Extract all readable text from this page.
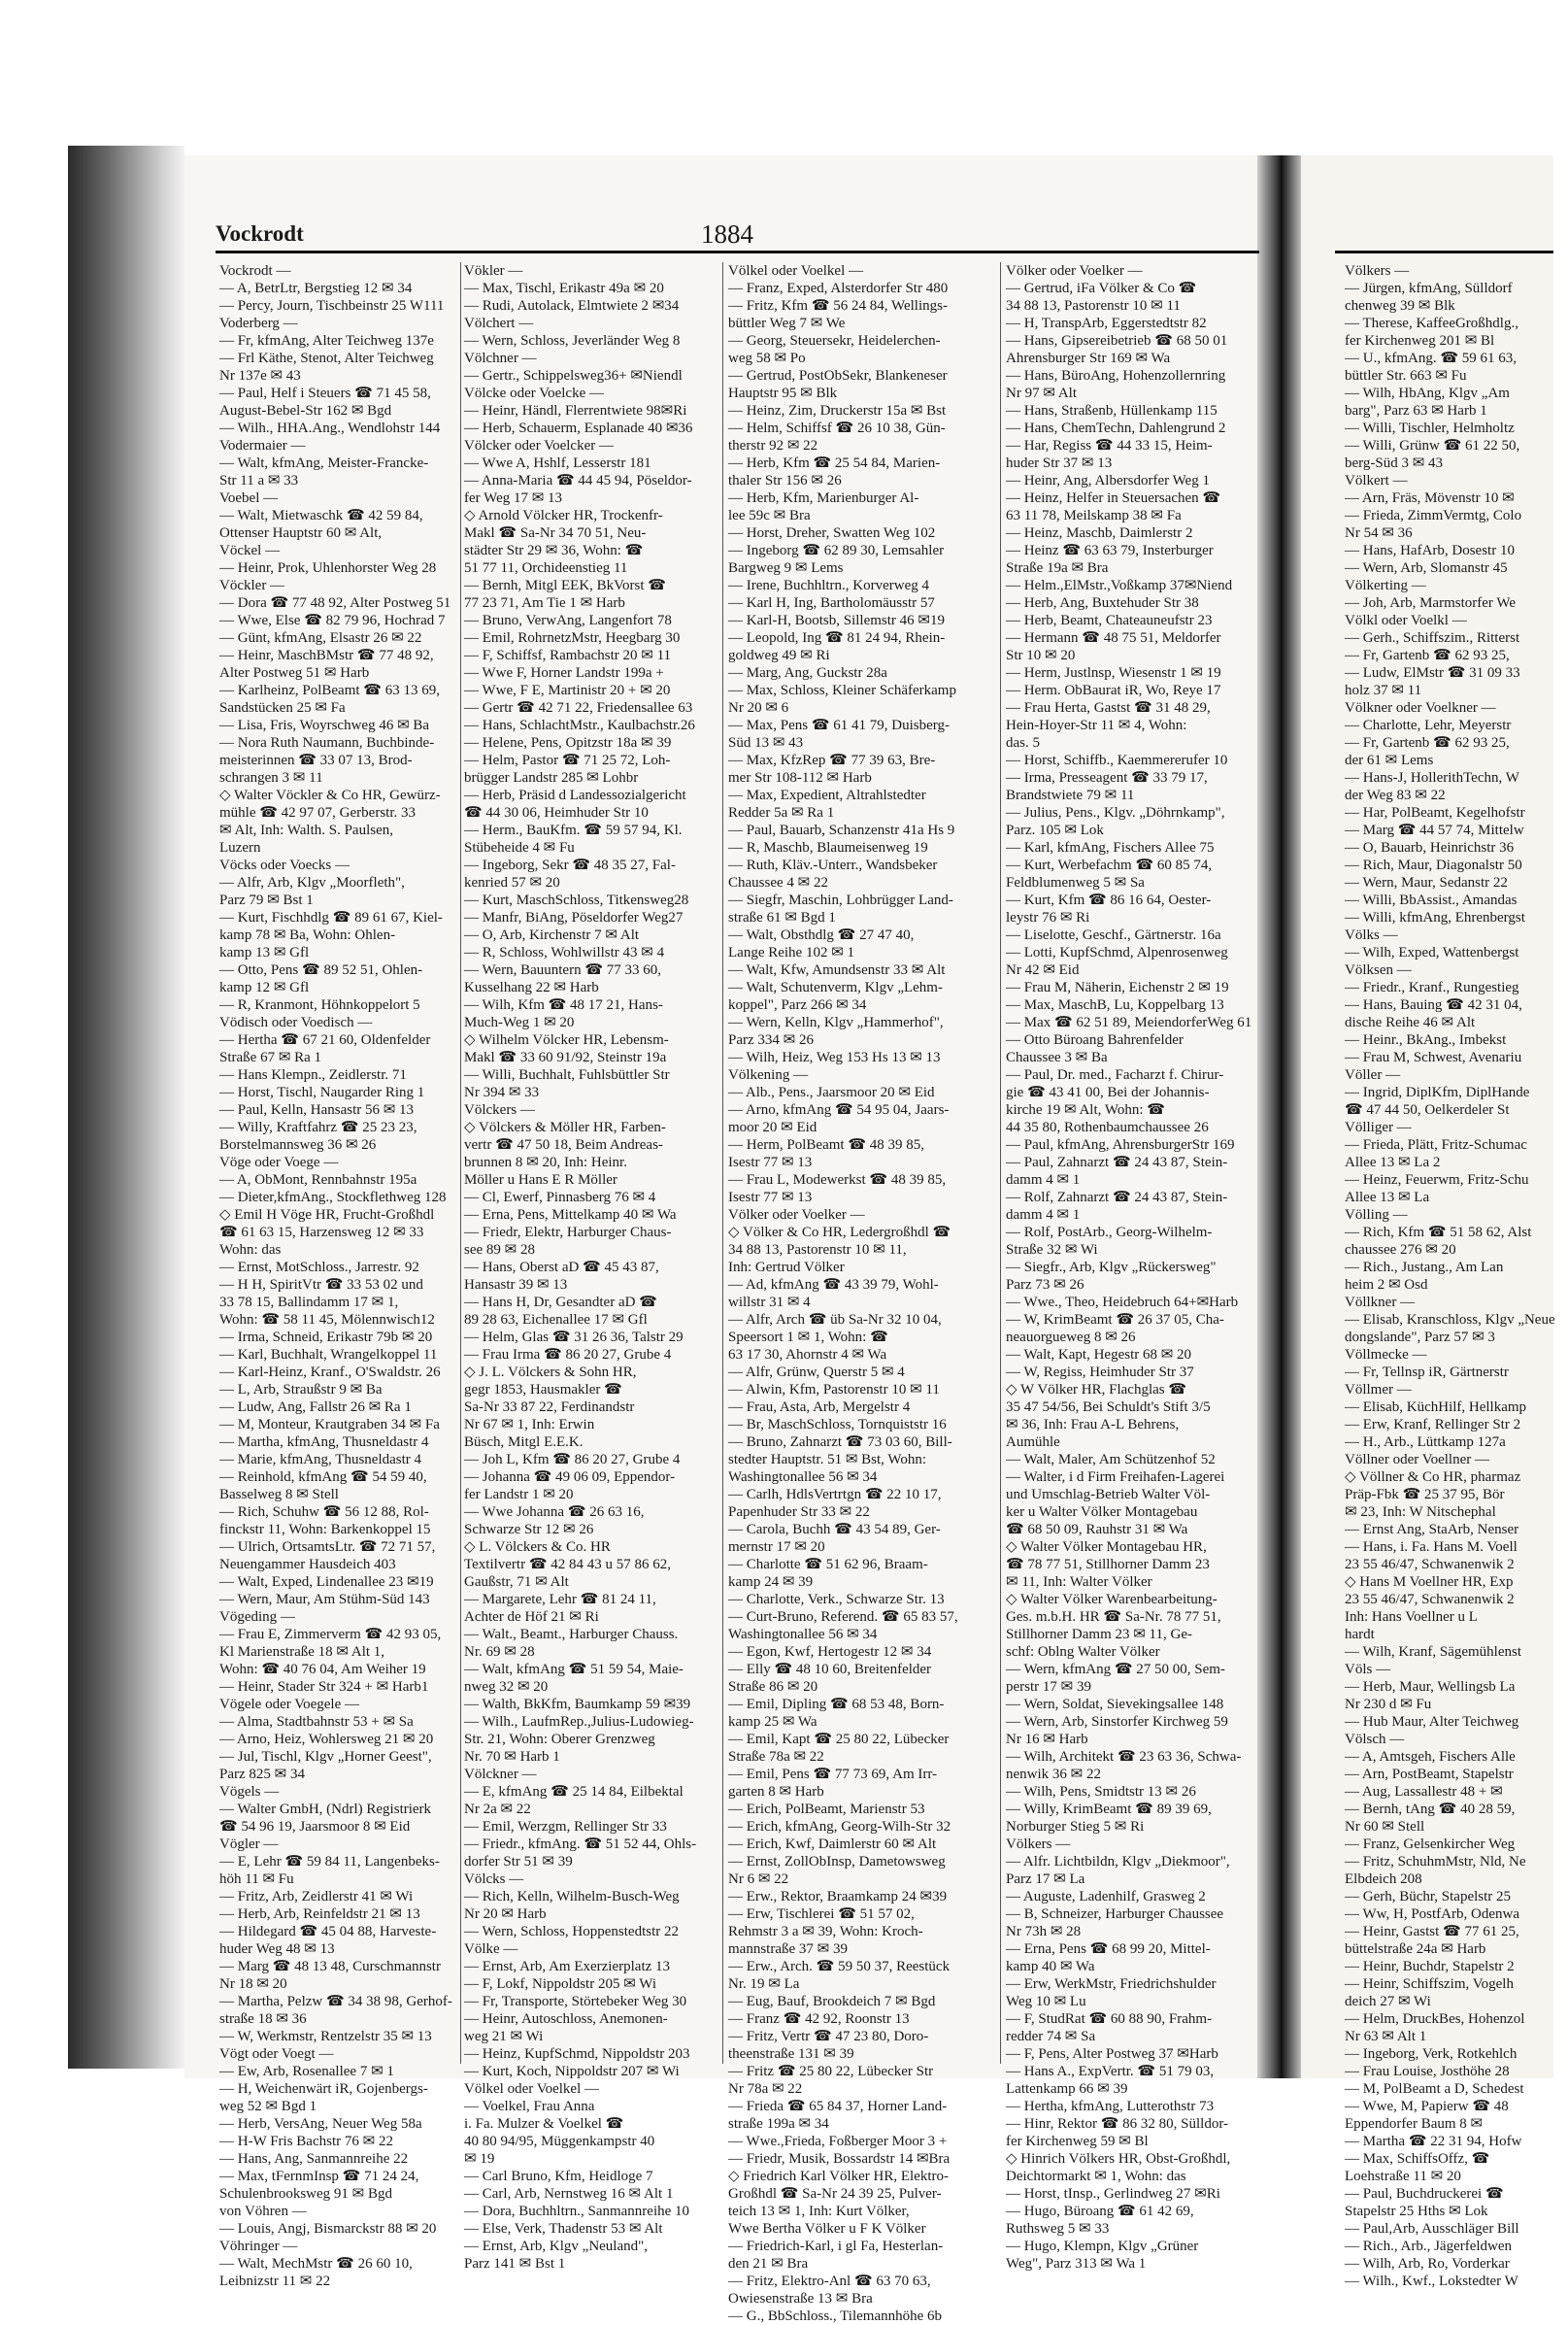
Vockrodt	1884
Vockrodt —
— A, BetrLtr, Bergstieg 12 ✉ 34
— Percy, Journ, Tischbeinstr 25 W111
Voderberg —
— Fr, kfmAng, Alter Teichweg 137e
— Frl Käthe, Stenot, Alter Teichweg
Nr 137e ✉ 43
— Paul, Helf i Steuers ☎ 71 45 58,
August-Bebel-Str 162 ✉ Bgd
— Wilh., HHA.Ang., Wendlohstr 144
Vodermaier —
— Walt, kfmAng, Meister-Francke-
Str 11 a ✉ 33
Voebel —
— Walt, Mietwaschk ☎ 42 59 84,
Ottenser Hauptstr 60 ✉ Alt,
Vöckel —
— Heinr, Prok, Uhlenhorster Weg 28
Vöckler —
— Dora ☎ 77 48 92, Alter Postweg 51
— Wwe, Else ☎ 82 79 96, Hochrad 7
— Günt, kfmAng, Elsastr 26 ✉ 22
— Heinr, MaschBMstr ☎ 77 48 92,
Alter Postweg 51 ✉ Harb
— Karlheinz, PolBeamt ☎ 63 13 69,
Sandstücken 25 ✉ Fa
— Lisa, Fris, Woyrschweg 46 ✉ Ba
— Nora Ruth Naumann, Buchbinde-
meisterinnen ☎ 33 07 13, Brod-
schrangen 3 ✉ 11
◇ Walter Vöckler & Co HR, Gewürz-
mühle ☎ 42 97 07, Gerberstr. 33
✉ Alt, Inh: Walth. S. Paulsen,
Luzern
Vöcks oder Voecks —
— Alfr, Arb, Klgv „Moorfleth",
Parz 79 ✉ Bst 1
— Kurt, Fischhdlg ☎ 89 61 67, Kiel-
kamp 78 ✉ Ba, Wohn: Ohlen-
kamp 13 ✉ Gfl
— Otto, Pens ☎ 89 52 51, Ohlen-
kamp 12 ✉ Gfl
— R, Kranmont, Höhnkoppelort 5
Vödisch oder Voedisch —
— Hertha ☎ 67 21 60, Oldenfelder
Straße 67 ✉ Ra 1
— Hans Klempn., Zeidlerstr. 71
— Horst, Tischl, Naugarder Ring 1
— Paul, Kelln, Hansastr 56 ✉ 13
— Willy, Kraftfahrz ☎ 25 23 23,
Borstelmannsweg 36 ✉ 26
Vöge oder Voege —
— A, ObMont, Rennbahnstr 195a
— Dieter,kfmAng., Stockflethweg 128
◇ Emil H Vöge HR, Frucht-Großhdl
☎ 61 63 15, Harzensweg 12 ✉ 33
Wohn: das
— Ernst, MotSchloss., Jarrestr. 92
— H H, SpiritVtr ☎ 33 53 02 und
33 78 15, Ballindamm 17 ✉ 1,
Wohn: ☎ 58 11 45, Mölennwisch12
— Irma, Schneid, Erikastr 79b ✉ 20
— Karl, Buchhalt, Wrangelkoppel 11
— Karl-Heinz, Kranf., O'Swaldstr. 26
— L, Arb, Straußstr 9 ✉ Ba
— Ludw, Ang, Fallstr 26 ✉ Ra 1
— M, Monteur, Krautgraben 34 ✉ Fa
— Martha, kfmAng, Thusneldastr 4
— Marie, kfmAng, Thusneldastr 4
— Reinhold, kfmAng ☎ 54 59 40,
Basselweg 8 ✉ Stell
— Rich, Schuhw ☎ 56 12 88, Rol-
finckstr 11, Wohn: Barkenkoppel 15
— Ulrich, OrtsamtsLtr. ☎ 72 71 57,
Neuengammer Hausdeich 403
— Walt, Exped, Lindenallee 23 ✉19
— Wern, Maur, Am Stühm-Süd 143
Vögeding —
— Frau E, Zimmerverm ☎ 42 93 05,
Kl Marienstraße 18 ✉ Alt 1,
Wohn: ☎ 40 76 04, Am Weiher 19
— Heinr, Stader Str 324 + ✉ Harb1
Vögele oder Voegele —
— Alma, Stadtbahnstr 53 + ✉ Sa
— Arno, Heiz, Wohlersweg 21 ✉ 20
— Jul, Tischl, Klgv „Horner Geest",
Parz 825 ✉ 34
Vögels —
— Walter GmbH, (Ndrl) Registrierk
☎ 54 96 19, Jaarsmoor 8 ✉ Eid
Vögler —
— E, Lehr ☎ 59 84 11, Langenbeks-
höh 11 ✉ Fu
— Fritz, Arb, Zeidlerstr 41 ✉ Wi
— Herb, Arb, Reinfeldstr 21 ✉ 13
— Hildegard ☎ 45 04 88, Harveste-
huder Weg 48 ✉ 13
— Marg ☎ 48 13 48, Curschmannstr
Nr 18 ✉ 20
— Martha, Pelzw ☎ 34 38 98, Gerhof-
straße 18 ✉ 36
— W, Werkmstr, Rentzelstr 35 ✉ 13
Vögt oder Voegt —
— Ew, Arb, Rosenallee 7 ✉ 1
— H, Weichenwärt iR, Gojenbergs-
weg 52 ✉ Bgd 1
— Herb, VersAng, Neuer Weg 58a
— H-W Fris Bachstr 76 ✉ 22
— Hans, Ang, Sanmannreihe 22
— Max, tFernmInsp ☎ 71 24 24,
Schulenbrooksweg 91 ✉ Bgd
von Vöhren —
— Louis, Angj, Bismarckstr 88 ✉ 20
Vöhringer —
— Walt, MechMstr ☎ 26 60 10,
Leibnizstr 11 ✉ 22
Vökler —
— Max, Tischl, Erikastr 49a ✉ 20
— Rudi, Autolack, Elmtwiete 2 ✉34
Völchert —
— Wern, Schloss, Jeverländer Weg 8
Völchner —
— Gertr., Schippelsweg36+ ✉Niendl
Völcke oder Voelcke —
— Heinr, Händl, Flerrentwiete 98✉Ri
— Herb, Schauerm, Esplanade 40 ✉36
Völcker oder Voelcker —
— Wwe A, Hshlf, Lesserstr 181
— Anna-Maria ☎ 44 45 94, Pöseldor-
fer Weg 17 ✉ 13
◇ Arnold Völcker HR, Trockenfr-
Makl ☎ Sa-Nr 34 70 51, Neu-
städter Str 29 ✉ 36, Wohn: ☎
51 77 11, Orchideenstieg 11
— Bernh, Mitgl EEK, BkVorst ☎
77 23 71, Am Tie 1 ✉ Harb
— Bruno, VerwAng, Langenfort 78
— Emil, RohrnetzMstr, Heegbarg 30
— F, Schiffsf, Rambachstr 20 ✉ 11
— Wwe F, Horner Landstr 199a +
— Wwe, F E, Martinistr 20 + ✉ 20
— Gertr ☎ 42 71 22, Friedensallee 63
— Hans, SchlachtMstr., Kaulbachstr.26
— Helene, Pens, Opitzstr 18a ✉ 39
— Helm, Pastor ☎ 71 25 72, Loh-
brügger Landstr 285 ✉ Lohbr
— Herb, Präsid d Landessozialgericht
☎ 44 30 06, Heimhuder Str 10
— Herm., BauKfm. ☎ 59 57 94, Kl.
Stübeheide 4 ✉ Fu
— Ingeborg, Sekr ☎ 48 35 27, Fal-
kenried 57 ✉ 20
— Kurt, MaschSchloss, Titkensweg28
— Manfr, BiAng, Pöseldorfer Weg27
— O, Arb, Kirchenstr 7 ✉ Alt
— R, Schloss, Wohlwillstr 43 ✉ 4
— Wern, Bauuntern ☎ 77 33 60,
Kusselhang 22 ✉ Harb
— Wilh, Kfm ☎ 48 17 21, Hans-
Much-Weg 1 ✉ 20
◇ Wilhelm Völcker HR, Lebensm-
Makl ☎ 33 60 91/92, Steinstr 19a
— Willi, Buchhalt, Fuhlsbüttler Str
Nr 394 ✉ 33
Völckers —
◇ Völckers & Möller HR, Farben-
vertr ☎ 47 50 18, Beim Andreas-
brunnen 8 ✉ 20, Inh: Heinr.
Möller u Hans E R Möller
— Cl, Ewerf, Pinnasberg 76 ✉ 4
— Erna, Pens, Mittelkamp 40 ✉ Wa
— Friedr, Elektr, Harburger Chaus-
see 89 ✉ 28
— Hans, Oberst aD ☎ 45 43 87,
Hansastr 39 ✉ 13
— Hans H, Dr, Gesandter aD ☎
89 28 63, Eichenallee 17 ✉ Gfl
— Helm, Glas ☎ 31 26 36, Talstr 29
— Frau Irma ☎ 86 20 27, Grube 4
◇ J. L. Völckers & Sohn HR,
gegr 1853, Hausmakler ☎
Sa-Nr 33 87 22, Ferdinandstr
Nr 67 ✉ 1, Inh: Erwin
Büsch, Mitgl E.E.K.
— Joh L, Kfm ☎ 86 20 27, Grube 4
— Johanna ☎ 49 06 09, Eppendor-
fer Landstr 1 ✉ 20
— Wwe Johanna ☎ 26 63 16,
Schwarze Str 12 ✉ 26
◇ L. Völckers & Co. HR
Textilvertr ☎ 42 84 43 u 57 86 62,
Gaußstr, 71 ✉ Alt
— Margarete, Lehr ☎ 81 24 11,
Achter de Höf 21 ✉ Ri
— Walt., Beamt., Harburger Chauss.
Nr. 69 ✉ 28
— Walt, kfmAng ☎ 51 59 54, Maie-
nweg 32 ✉ 20
— Walth, BkKfm, Baumkamp 59 ✉39
— Wilh., LaufmRep.,Julius-Ludowieg-
Str. 21, Wohn: Oberer Grenzweg
Nr. 70 ✉ Harb 1
Völckner —
— E, kfmAng ☎ 25 14 84, Eilbektal
Nr 2a ✉ 22
— Emil, Werzgm, Rellinger Str 33
— Friedr., kfmAng. ☎ 51 52 44, Ohls-
dorfer Str 51 ✉ 39
Völcks —
— Rich, Kelln, Wilhelm-Busch-Weg
Nr 20 ✉ Harb
— Wern, Schloss, Hoppenstedtstr 22
Völke —
— Ernst, Arb, Am Exerzierplatz 13
— F, Lokf, Nippoldstr 205 ✉ Wi
— Fr, Transporte, Störtebeker Weg 30
— Heinr, Autoschloss, Anemonen-
weg 21 ✉ Wi
— Heinz, KupfSchmd, Nippoldstr 203
— Kurt, Koch, Nippoldstr 207 ✉ Wi
Völkel oder Voelkel —
— Voelkel, Frau Anna
i. Fa. Mulzer & Voelkel ☎
40 80 94/95, Müggenkampstr 40
✉ 19
— Carl Bruno, Kfm, Heidloge 7
— Carl, Arb, Nernstweg 16 ✉ Alt 1
— Dora, Buchhltrn., Sanmannreihe 10
— Else, Verk, Thadenstr 53 ✉ Alt
— Ernst, Arb, Klgv „Neuland",
Parz 141 ✉ Bst 1
Völkel oder Voelkel —
— Franz, Exped, Alsterdorfer Str 480
— Fritz, Kfm ☎ 56 24 84, Wellings-
büttler Weg 7 ✉ We
— Georg, Steuersekr, Heidelerchen-
weg 58 ✉ Po
— Gertrud, PostObSekr, Blankeneser
Hauptstr 95 ✉ Blk
— Heinz, Zim, Druckerstr 15a ✉ Bst
— Helm, Schiffsf ☎ 26 10 38, Gün-
therstr 92 ✉ 22
— Herb, Kfm ☎ 25 54 84, Marien-
thaler Str 156 ✉ 26
— Herb, Kfm, Marienburger Al-
lee 59c ✉ Bra
— Horst, Dreher, Swatten Weg 102
— Ingeborg ☎ 62 89 30, Lemsahler
Bargweg 9 ✉ Lems
— Irene, Buchhltrn., Korverweg 4
— Karl H, Ing, Bartholomäusstr 57
— Karl-H, Bootsb, Sillemstr 46 ✉19
— Leopold, Ing ☎ 81 24 94, Rhein-
goldweg 49 ✉ Ri
— Marg, Ang, Guckstr 28a
— Max, Schloss, Kleiner Schäferkamp
Nr 20 ✉ 6
— Max, Pens ☎ 61 41 79, Duisberg-
Süd 13 ✉ 43
— Max, KfzRep ☎ 77 39 63, Bre-
mer Str 108-112 ✉ Harb
— Max, Expedient, Altrahlstedter
Redder 5a ✉ Ra 1
— Paul, Bauarb, Schanzenstr 41a Hs 9
— R, Maschb, Blaumeisenweg 19
— Ruth, Kläv.-Unterr., Wandsbeker
Chaussee 4 ✉ 22
— Siegfr, Maschin, Lohbrügger Land-
straße 61 ✉ Bgd 1
— Walt, Obsthdlg ☎ 27 47 40,
Lange Reihe 102 ✉ 1
— Walt, Kfw, Amundsenstr 33 ✉ Alt
— Walt, Schutenverm, Klgv „Lehm-
koppel", Parz 266 ✉ 34
— Wern, Kelln, Klgv „Hammerhof",
Parz 334 ✉ 26
— Wilh, Heiz, Weg 153 Hs 13 ✉ 13
Völkening —
— Alb., Pens., Jaarsmoor 20 ✉ Eid
— Arno, kfmAng ☎ 54 95 04, Jaars-
moor 20 ✉ Eid
— Herm, PolBeamt ☎ 48 39 85,
Isestr 77 ✉ 13
— Frau L, Modewerkst ☎ 48 39 85,
Isestr 77 ✉ 13
Völker oder Voelker —
◇ Völker & Co HR, Ledergroßhdl ☎
34 88 13, Pastorenstr 10 ✉ 11,
Inh: Gertrud Völker
— Ad, kfmAng ☎ 43 39 79, Wohl-
willstr 31 ✉ 4
— Alfr, Arch ☎ üb Sa-Nr 32 10 04,
Speersort 1 ✉ 1, Wohn: ☎
63 17 30, Ahornstr 4 ✉ Wa
— Alfr, Grünw, Querstr 5 ✉ 4
— Alwin, Kfm, Pastorenstr 10 ✉ 11
— Frau, Asta, Arb, Mergelstr 4
— Br, MaschSchloss, Tornquiststr 16
— Bruno, Zahnarzt ☎ 73 03 60, Bill-
stedter Hauptstr. 51 ✉ Bst, Wohn:
Washingtonallee 56 ✉ 34
— Carlh, HdlsVertrtgn ☎ 22 10 17,
Papenhuder Str 33 ✉ 22
— Carola, Buchh ☎ 43 54 89, Ger-
mernstr 17 ✉ 20
— Charlotte ☎ 51 62 96, Braam-
kamp 24 ✉ 39
— Charlotte, Verk., Schwarze Str. 13
— Curt-Bruno, Referend. ☎ 65 83 57,
Washingtonallee 56 ✉ 34
— Egon, Kwf, Hertogestr 12 ✉ 34
— Elly ☎ 48 10 60, Breitenfelder
Straße 86 ✉ 20
— Emil, Dipling ☎ 68 53 48, Born-
kamp 25 ✉ Wa
— Emil, Kapt ☎ 25 80 22, Lübecker
Straße 78a ✉ 22
— Emil, Pens ☎ 77 73 69, Am Irr-
garten 8 ✉ Harb
— Erich, PolBeamt, Marienstr 53
— Erich, kfmAng, Georg-Wilh-Str 32
— Erich, Kwf, Daimlerstr 60 ✉ Alt
— Ernst, ZollObInsp, Dametowsweg
Nr 6 ✉ 22
— Erw., Rektor, Braamkamp 24 ✉39
— Erw, Tischlerei ☎ 51 57 02,
Rehmstr 3 a ✉ 39, Wohn: Kroch-
mannstraße 37 ✉ 39
— Erw., Arch. ☎ 59 50 37, Reestück
Nr. 19 ✉ La
— Eug, Bauf, Brookdeich 7 ✉ Bgd
— Franz ☎ 42 92, Roonstr 13
— Fritz, Vertr ☎ 47 23 80, Doro-
theenstraße 131 ✉ 39
— Fritz ☎ 25 80 22, Lübecker Str
Nr 78a ✉ 22
— Frieda ☎ 65 84 37, Horner Land-
straße 199a ✉ 34
— Wwe.,Frieda, Foßberger Moor 3 +
— Friedr, Musik, Bossardstr 14 ✉Bra
◇ Friedrich Karl Völker HR, Elektro-
Großhdl ☎ Sa-Nr 24 39 25, Pulver-
teich 13 ✉ 1, Inh: Kurt Völker,
Wwe Bertha Völker u F K Völker
— Friedrich-Karl, i gl Fa, Hesterlan-
den 21 ✉ Bra
— Fritz, Elektro-Anl ☎ 63 70 63,
Owiesenstraße 13 ✉ Bra
— G., BbSchloss., Tilemannhöhe 6b
Völker oder Voelker —
— Gertrud, iFa Völker & Co ☎
34 88 13, Pastorenstr 10 ✉ 11
— H, TranspArb, Eggerstedtstr 82
— Hans, Gipsereibetrieb ☎ 68 50 01
Ahrensburger Str 169 ✉ Wa
— Hans, BüroAng, Hohenzollernring
Nr 97 ✉ Alt
— Hans, Straßenb, Hüllenkamp 115
— Hans, ChemTechn, Dahlengrund 2
— Har, Regiss ☎ 44 33 15, Heim-
huder Str 37 ✉ 13
— Heinr, Ang, Albersdorfer Weg 1
— Heinz, Helfer in Steuersachen ☎
63 11 78, Meilskamp 38 ✉ Fa
— Heinz, Maschb, Daimlerstr 2
— Heinz ☎ 63 63 79, Insterburger
Straße 19a ✉ Bra
— Helm.,ElMstr.,Voßkamp 37✉Niend
— Herb, Ang, Buxtehuder Str 38
— Herb, Beamt, Chateauneufstr 23
— Hermann ☎ 48 75 51, Meldorfer
Str 10 ✉ 20
— Herm, Justlnsp, Wiesenstr 1 ✉ 19
— Herm. ObBaurat iR, Wo, Reye 17
— Frau Herta, Gastst ☎ 31 48 29,
Hein-Hoyer-Str 11 ✉ 4, Wohn:
das. 5
— Horst, Schiffb., Kaemmererufer 10
— Irma, Presseagent ☎ 33 79 17,
Brandstwiete 79 ✉ 11
— Julius, Pens., Klgv. „Döhrnkamp",
Parz. 105 ✉ Lok
— Karl, kfmAng, Fischers Allee 75
— Kurt, Werbefachm ☎ 60 85 74,
Feldblumenweg 5 ✉ Sa
— Kurt, Kfm ☎ 86 16 64, Oester-
leystr 76 ✉ Ri
— Liselotte, Geschf., Gärtnerstr. 16a
— Lotti, KupfSchmd, Alpenrosenweg
Nr 42 ✉ Eid
— Frau M, Näherin, Eichenstr 2 ✉ 19
— Max, MaschB, Lu, Koppelbarg 13
— Max ☎ 62 51 89, MeiendorferWeg 61
— Otto Büroang Bahrenfelder
Chaussee 3 ✉ Ba
— Paul, Dr. med., Facharzt f. Chirur-
gie ☎ 43 41 00, Bei der Johannis-
kirche 19 ✉ Alt, Wohn: ☎
44 35 80, Rothenbaumchaussee 26
— Paul, kfmAng, AhrensburgerStr 169
— Paul, Zahnarzt ☎ 24 43 87, Stein-
damm 4 ✉ 1
— Rolf, Zahnarzt ☎ 24 43 87, Stein-
damm 4 ✉ 1
— Rolf, PostArb., Georg-Wilhelm-
Straße 32 ✉ Wi
— Siegfr., Arb, Klgv „Rückersweg"
Parz 73 ✉ 26
— Wwe., Theo, Heidebruch 64+✉Harb
— W, KrimBeamt ☎ 26 37 05, Cha-
neauorgueweg 8 ✉ 26
— Walt, Kapt, Hegestr 68 ✉ 20
— W, Regiss, Heimhuder Str 37
◇ W Völker HR, Flachglas ☎
35 47 54/56, Bei Schuldt's Stift 3/5
✉ 36, Inh: Frau A-L Behrens,
Aumühle
— Walt, Maler, Am Schützenhof 52
— Walter, i d Firm Freihafen-Lagerei
und Umschlag-Betrieb Walter Völ-
ker u Walter Völker Montagebau
☎ 68 50 09, Rauhstr 31 ✉ Wa
◇ Walter Völker Montagebau HR,
☎ 78 77 51, Stillhorner Damm 23
✉ 11, Inh: Walter Völker
◇ Walter Völker Warenbearbeitung-
Ges. m.b.H. HR ☎ Sa-Nr. 78 77 51,
Stillhorner Damm 23 ✉ 11, Ge-
schf: Oblng Walter Völker
— Wern, kfmAng ☎ 27 50 00, Sem-
perstr 17 ✉ 39
— Wern, Soldat, Sievekingsallee 148
— Wern, Arb, Sinstorfer Kirchweg 59
Nr 16 ✉ Harb
— Wilh, Architekt ☎ 23 63 36, Schwa-
nenwik 36 ✉ 22
— Wilh, Pens, Smidtstr 13 ✉ 26
— Willy, KrimBeamt ☎ 89 39 69,
Norburger Stieg 5 ✉ Ri
Völkers —
— Alfr. Lichtbildn, Klgv „Diekmoor",
Parz 17 ✉ La
— Auguste, Ladenhilf, Grasweg 2
— B, Schneizer, Harburger Chaussee
Nr 73h ✉ 28
— Erna, Pens ☎ 68 99 20, Mittel-
kamp 40 ✉ Wa
— Erw, WerkMstr, Friedrichshulder
Weg 10 ✉ Lu
— F, StudRat ☎ 60 88 90, Frahm-
redder 74 ✉ Sa
— F, Pens, Alter Postweg 37 ✉Harb
— Hans A., ExpVertr. ☎ 51 79 03,
Lattenkamp 66 ✉ 39
— Hertha, kfmAng, Lutterothstr 73
— Hinr, Rektor ☎ 86 32 80, Sülldor-
fer Kirchenweg 59 ✉ Bl
◇ Hinrich Völkers HR, Obst-Großhdl,
Deichtormarkt ✉ 1, Wohn: das
— Horst, tInsp., Gerlindweg 27 ✉Ri
— Hugo, Büroang ☎ 61 42 69,
Ruthsweg 5 ✉ 33
— Hugo, Klempn, Klgv „Grüner
Weg", Parz 313 ✉ Wa 1
Völkers —
— Jürgen, kfmAng, Sülldorf
chenweg 39 ✉ Blk
— Therese, KaffeeGroßhdlg.,
fer Kirchenweg 201 ✉ Bl
— U., kfmAng. ☎ 59 61 63,
büttler Str. 663 ✉ Fu
— Wilh, HbAng, Klgv „Am
barg", Parz 63 ✉ Harb 1
— Willi, Tischler, Helmholtz
— Willi, Grünw ☎ 61 22 50,
berg-Süd 3 ✉ 43
Völkert —
— Arn, Fräs, Mövenstr 10 ✉
— Frieda, ZimmVermtg, Colo
Nr 54 ✉ 36
— Hans, HafArb, Dosestr 10
— Wern, Arb, Slomanstr 45
Völkerting —
— Joh, Arb, Marmstorfer We
Völkl oder Voelkl —
— Gerh., Schiffszim., Ritterst
— Fr, Gartenb ☎ 62 93 25,
— Ludw, ElMstr ☎ 31 09 33
holz 37 ✉ 11
Völkner oder Voelkner —
— Charlotte, Lehr, Meyerstr
— Fr, Gartenb ☎ 62 93 25,
der 61 ✉ Lems
— Hans-J, HollerithTechn, W
der Weg 83 ✉ 22
— Har, PolBeamt, Kegelhofstr
— Marg ☎ 44 57 74, Mittelw
— O, Bauarb, Heinrichstr 36
— Rich, Maur, Diagonalstr 50
— Wern, Maur, Sedanstr 22
— Willi, BbAssist., Amandas
— Willi, kfmAng, Ehrenbergst
Völks —
— Wilh, Exped, Wattenbergst
Völksen —
— Friedr., Kranf., Rungestieg
— Hans, Bauing ☎ 42 31 04,
dische Reihe 46 ✉ Alt
— Heinr., BkAng., Imbekst
— Frau M, Schwest, Avenariu
Völler —
— Ingrid, DiplKfm, DiplHande
☎ 47 44 50, Oelkerdeler St
Völliger —
— Frieda, Plätt, Fritz-Schumac
Allee 13 ✉ La 2
— Heinz, Feuerwm, Fritz-Schu
Allee 13 ✉ La
Völling —
— Rich, Kfm ☎ 51 58 62, Alst
chaussee 276 ✉ 20
— Rich., Justang., Am Lan
heim 2 ✉ Osd
Völlkner —
— Elisab, Kranschloss, Klgv „Neue
dongslande", Parz 57 ✉ 3
Völlmecke —
— Fr, Tellnsp iR, Gärtnerstr
Völlmer —
— Elisab, KüchHilf, Hellkamp
— Erw, Kranf, Rellinger Str 2
— H., Arb., Lüttkamp 127a
Völlner oder Voellner —
◇ Völlner & Co HR, pharmaz
Präp-Fbk ☎ 25 37 95, Bör
✉ 23, Inh: W Nitschephal
— Ernst Ang, StaArb, Nenser
— Hans, i. Fa. Hans M. Voell
23 55 46/47, Schwanenwik 2
◇ Hans M Voellner HR, Exp
23 55 46/47, Schwanenwik 2
Inh: Hans Voellner u L
hardt
— Wilh, Kranf, Sägemühlenst
Völs —
— Herb, Maur, Wellingsb La
Nr 230 d ✉ Fu
— Hub Maur, Alter Teichweg
Völsch —
— A, Amtsgeh, Fischers Alle
— Arn, PostBeamt, Stapelstr
— Aug, Lassallestr 48 + ✉
— Bernh, tAng ☎ 40 28 59,
Nr 60 ✉ Stell
— Franz, Gelsenkircher Weg
— Fritz, SchuhmMstr, Nld, Ne
Elbdeich 208
— Gerh, Büchr, Stapelstr 25
— Ww, H, PostfArb, Odenwa
— Heinr, Gastst ☎ 77 61 25,
büttelstraße 24a ✉ Harb
— Heinr, Buchdr, Stapelstr 2
— Heinr, Schiffszim, Vogelh
deich 27 ✉ Wi
— Helm, DruckBes, Hohenzol
Nr 63 ✉ Alt 1
— Ingeborg, Verk, Rotkehlch
— Frau Louise, Josthöhe 28
— M, PolBeamt a D, Schedest
— Wwe, M, Papierw ☎ 48
Eppendorfer Baum 8 ✉
— Martha ☎ 22 31 94, Hofw
— Max, SchiffsOffz, ☎
Loehstraße 11 ✉ 20
— Paul, Buchdruckerei ☎
Stapelstr 25 Hths ✉ Lok
— Paul,Arb, Ausschläger Bill
— Rich., Arb., Jägerfeldwen
— Wilh, Arb, Ro, Vorderkar
— Wilh., Kwf., Lokstedter W
